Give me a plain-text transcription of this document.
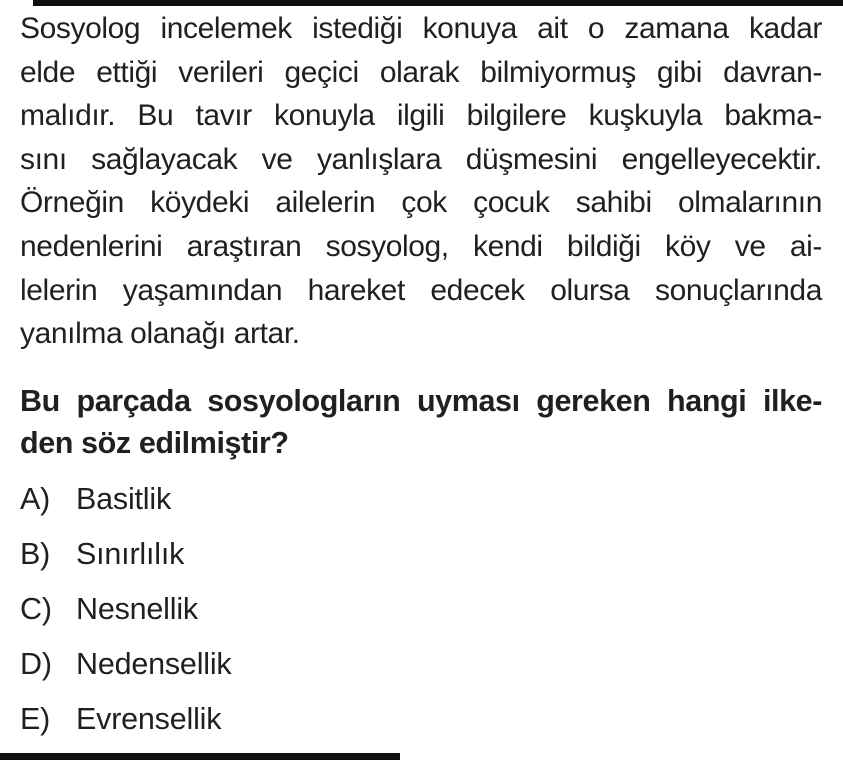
Sosyolog incelemek istediği konuya ait o zamana kadar
elde ettiği verileri geçici olarak bilmiyormuş gibi davran-
malıdır. Bu tavır konuyla ilgili bilgilere kuşkuyla bakma-
sını sağlayacak ve yanlışlara düşmesini engelleyecektir.
Örneğin köydeki ailelerin çok çocuk sahibi olmalarının
nedenlerini araştıran sosyolog, kendi bildiği köy ve ai-
lelerin yaşamından hareket edecek olursa sonuçlarında
yanılma olanağı artar.
Bu parçada sosyologların uyması gereken hangi ilke-
den söz edilmiştir?
A) Basitlik
B) Sınırlılık
C) Nesnellik
D) Nedensellik
E) Evrensellik
